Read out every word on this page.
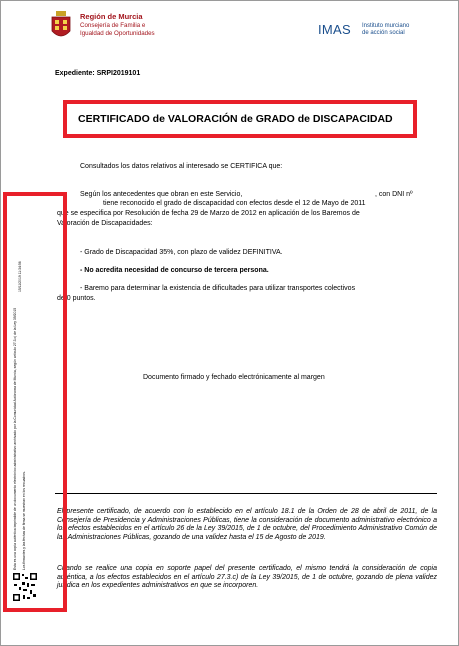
Región de Murcia
Consejería de Familia e
Igualdad de Oportunidades	IMAS Instituto murciano
de acción social
Expediente: SRPI2019101
CERTIFICADO de VALORACIÓN de GRADO de DISCAPACIDAD
Consultados los datos relativos al interesado se CERTIFICA que:
Según los antecedentes que obran en este Servicio,	, con DNI nº
tiene reconocido el grado de discapacidad con efectos desde el 12 de Mayo de 2011
que se especifica por Resolución de fecha 29 de Marzo de 2012 en aplicación de los Baremos de
Valoración de Discapacidades:
- Grado de Discapacidad 35%, con plazo de validez DEFINITIVA.
- No acredita necesidad de concurso de tercera persona.
- Baremo para determinar la existencia de dificultades para utilizar transportes colectivos
de 0 puntos.
Documento firmado y fechado electrónicamente al margen
El presente certificado, de acuerdo con lo establecido en el artículo 18.1 de la Orden de 28 de abril de 2011, de la Consejería de Presidencia y Administraciones Públicas, tiene la consideración de documento administrativo electrónico a los efectos establecidos en el artículo 26 de la Ley 39/2015, de 1 de octubre, del Procedimiento Administrativo Común de las Administraciones Públicas, gozando de una validez hasta el 15 de Agosto de 2019.
Cuando se realice una copia en soporte papel del presente certificado, el mismo tendrá la consideración de copia auténtica, a los efectos establecidos en el artículo 27.3.c) de la Ley 39/2015, de 1 de octubre, gozando de plena validez jurídica en los expedientes administrativos en que se incorporen.
Esta es una copia auténtica imprimible de un documento electrónico administrativo archivado por la Comunidad Autónoma de Murcia, según artículo 27.3.c) de la Ley 39/2015 Los firmantes y las fechas de firma se muestran en los recuadros.
15/11/2019 11:34:56
